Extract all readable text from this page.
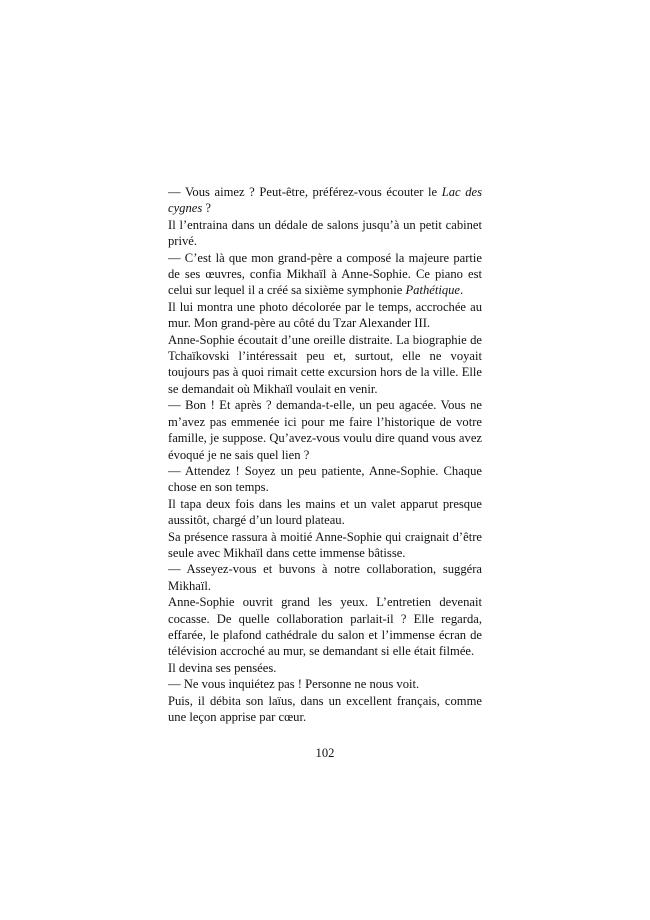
— Vous aimez ? Peut-être, préférez-vous écouter le Lac des cygnes ?

Il l’entraina dans un dédale de salons jusqu’à un petit cabinet privé.

— C’est là que mon grand-père a composé la majeure partie de ses œuvres, confia Mikhaïl à Anne-Sophie. Ce piano est celui sur lequel il a créé sa sixième symphonie Pathétique.

Il lui montra une photo décolorée par le temps, accrochée au mur. Mon grand-père au côté du Tzar Alexander III.

Anne-Sophie écoutait d’une oreille distraite. La biographie de Tchaïkovski l’intéressait peu et, surtout, elle ne voyait toujours pas à quoi rimait cette excursion hors de la ville. Elle se demandait où Mikhaïl voulait en venir.

— Bon ! Et après ? demanda-t-elle, un peu agacée. Vous ne m’avez pas emmenée ici pour me faire l’historique de votre famille, je suppose. Qu’avez-vous voulu dire quand vous avez évoqué je ne sais quel lien ?

— Attendez ! Soyez un peu patiente, Anne-Sophie. Chaque chose en son temps.

Il tapa deux fois dans les mains et un valet apparut presque aussitôt, chargé d’un lourd plateau.

Sa présence rassura à moitié Anne-Sophie qui craignait d’être seule avec Mikhaïl dans cette immense bâtisse.

— Asseyez-vous et buvons à notre collaboration, suggéra Mikhaïl.

Anne-Sophie ouvrit grand les yeux. L’entretien devenait cocasse. De quelle collaboration parlait-il ? Elle regarda, effarée, le plafond cathédrale du salon et l’immense écran de télévision accroché au mur, se demandant si elle était filmée.

Il devina ses pensées.

— Ne vous inquiétez pas ! Personne ne nous voit.

Puis, il débita son laïus, dans un excellent français, comme une leçon apprise par cœur.

102
